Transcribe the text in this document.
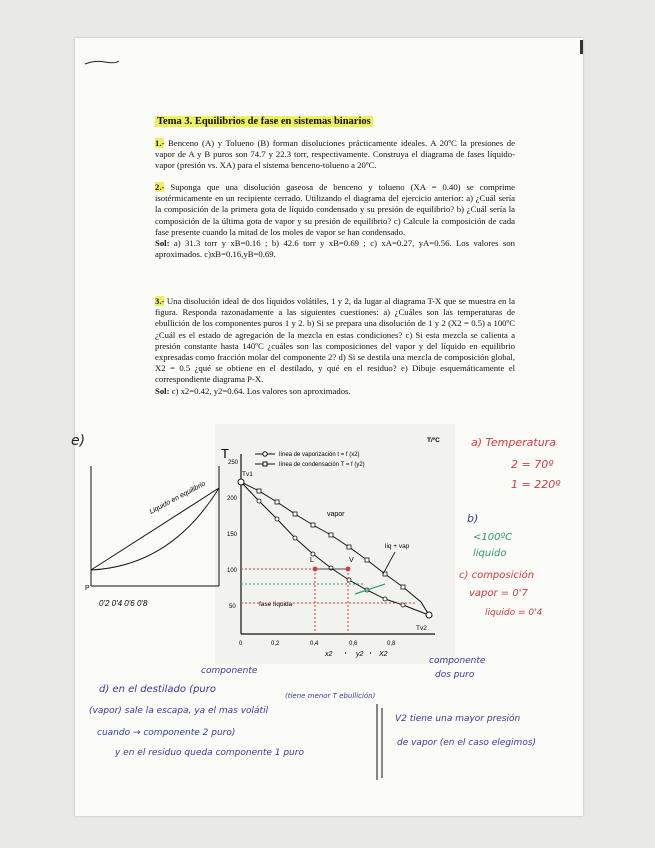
Tema 3. Equilibrios de fase en sistemas binarios

1.- Benceno (A) y Tolueno (B) forman disoluciones prácticamente ideales. A 20ºC la presiones de vapor de A y B puros son 74.7 y 22.3 torr, respectivamente. Construya el diagrama de fases líquido-vapor (presión vs. XA) para el sistema benceno-tolueno a 20ºC.

2.- Suponga que una disolución gaseosa de benceno y tolueno (XA = 0.40) se comprime isotérmicamente en un recipiente cerrado. Utilizando el diagrama del ejercicio anterior: a) ¿Cuál sería la composición de la primera gota de líquido condensado y su presión de equilibrio? b) ¿Cuál sería la composición de la última gota de vapor y su presión de equilibrio? c) Calcule la composición de cada fase presente cuando la mitad de los moles de vapor se han condensado.
Sol: a) 31.3 torr y xB=0.16 ; b) 42.6 torr y xB=0.69 ; c) xA=0.27, yA=0.56. Los valores son aproximados. c)xB=0.16,yB=0.69.

3.- Una disolución ideal de dos líquidos volátiles, 1 y 2, da lugar al diagrama T-X que se muestra en la figura. Responda razonadamente a las siguientes cuestiones: a) ¿Cuáles son las temperaturas de ebullición de los componentes puros 1 y 2. b) Si se prepara una disolución de 1 y 2 (X2 = 0.5) a 100ºC ¿Cuál es el estado de agregación de la mezcla en estas condiciones? c) Si esta mezcla se calienta a presión constante hasta 140ºC ¿cuáles son las composiciones del vapor y del líquido en equilibrio expresadas como fracción molar del componente 2? d) Si se destila una mezcla de composición global, X2 = 0.5 ¿qué se obtiene en el destilado, y qué en el residuo? e) Dibuje esquemáticamente el correspondiente diagrama P-X.
Sol: c) x2=0.42, y2=0.64. Los valores son aproximados.

T
250
200
150
100
50
0	0,2	0,4	0,6	0,8
x2	y2 X2
T/ºC
línea de vaporización t = f (x2)
línea de condensación T = f (y2)
Tv1
Tv2
L	V
vapor
liq + vap
fase líquida
P
0'2 0'4 0'6 0'8
Liquido en equilibrio
e)	a) Temperatura
2 = 70º
1 = 220º
b)
<100ºC
liquido
c) composición
vapor = 0'7
liquido = 0'4
componente
dos puro
componente
d) en el destilado (puro
(vapor) sale la escapa, ya el mas volátil
(tiene menor T ebullición)
cuando → componente 2 puro)
y en el residuo queda componente 1 puro
V2 tiene una mayor presión
de vapor (en el caso elegimos)
